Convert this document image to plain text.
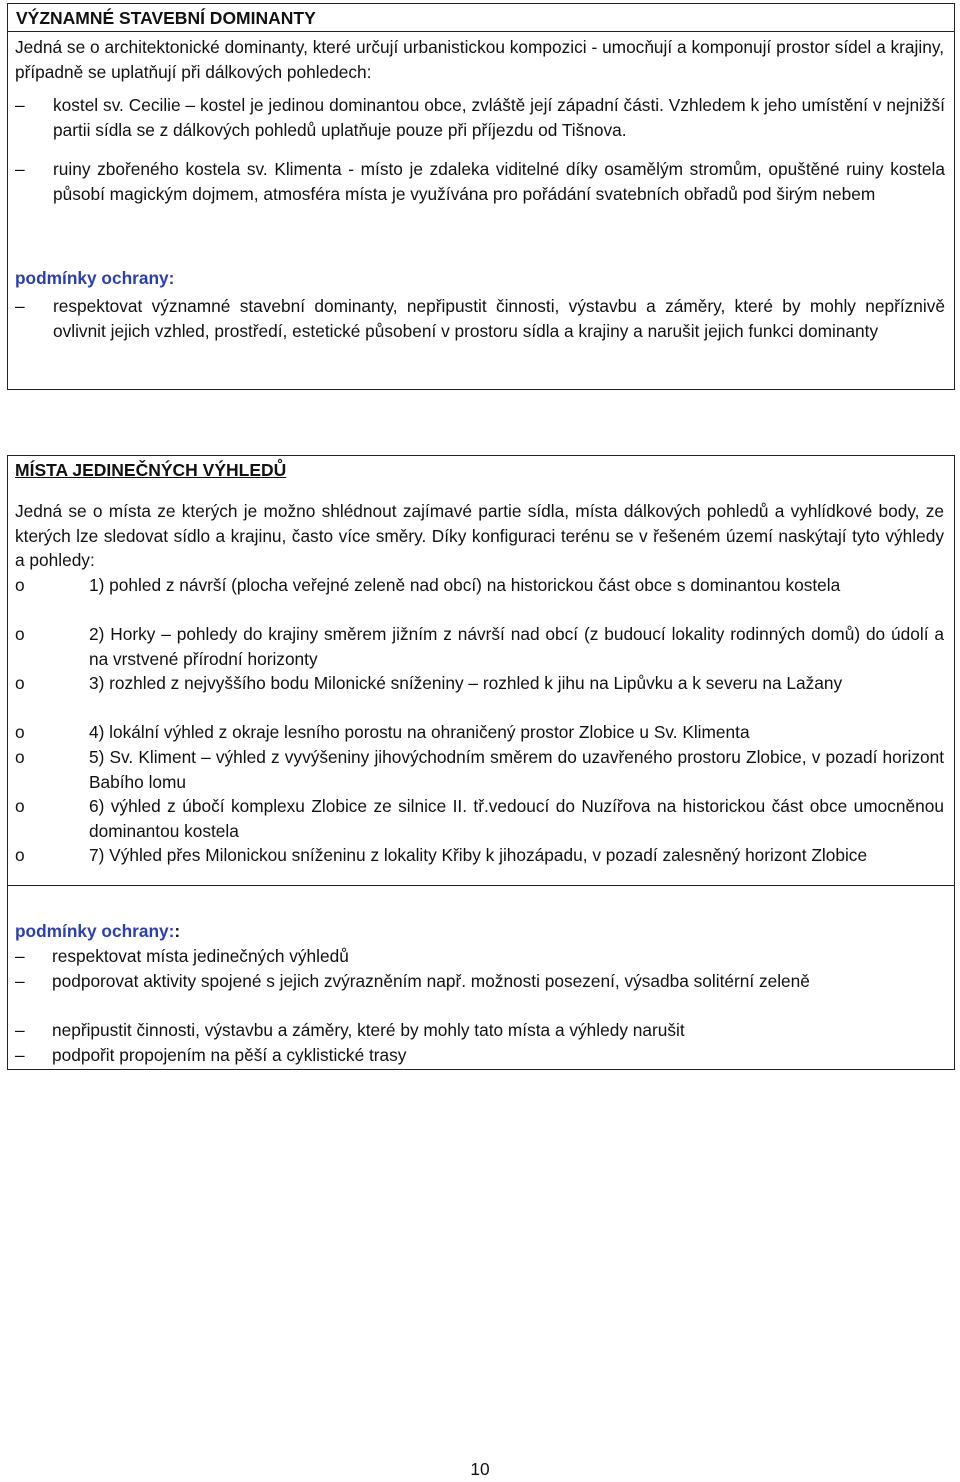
VÝZNAMNÉ STAVEBNÍ DOMINANTY

Jedná se o architektonické dominanty, které určují urbanistickou kompozici - umocňují a komponují prostor sídel a krajiny, případně se uplatňují při dálkových pohledech:

–	kostel sv. Cecilie – kostel je jedinou dominantou obce, zvláště její západní části. Vzhledem k jeho umístění v nejnižší partii sídla se z dálkových pohledů uplatňuje pouze při příjezdu od Tišnova.
–	ruiny zbořeného kostela sv. Klimenta - místo je zdaleka viditelné díky osamělým stromům, opuštěné ruiny kostela působí magickým dojmem, atmosféra místa je využívána pro pořádání svatebních obřadů pod širým nebem

podmínky ochrany:

–	respektovat významné stavební dominanty, nepřipustit činnosti, výstavbu a záměry, které by mohly nepříznivě ovlivnit jejich vzhled, prostředí, estetické působení v prostoru sídla a krajiny a narušit jejich funkci dominanty
MÍSTA JEDINEČNÝCH VÝHLEDŮ

Jedná se o místa ze kterých je možno shlédnout zajímavé partie sídla, místa dálkových pohledů a vyhlídkové body, ze kterých lze sledovat sídlo a krajinu, často více směry. Díky konfiguraci terénu se v řešeném území naskýtají tyto výhledy a pohledy:

o	1) pohled z návrší (plocha veřejné zeleně nad obcí) na historickou část obce s dominantou kostela
o	2) Horky – pohledy do krajiny směrem jižním z návrší nad obcí (z budoucí lokality rodinných domů) do údolí a na vrstvené přírodní horizonty
o	3) rozhled z nejvyššího bodu Milonické sníženiny – rozhled k jihu na Lipůvku a k severu na Lažany
o	4) lokální výhled z okraje lesního porostu na ohraničený prostor Zlobice u Sv. Klimenta
o	5) Sv. Kliment – výhled z vyvýšeniny jihovýchodním směrem do uzavřeného prostoru Zlobice, v pozadí horizont Babího lomu
o	6) výhled z úbočí komplexu Zlobice ze silnice II. tř.vedoucí do Nuzířova na historickou část obce umocněnou dominantou kostela
o	7) Výhled přes Milonickou sníženinu z lokality Křiby k jihozápadu, v pozadí zalesněný horizont Zlobice

podmínky ochrany::

–	respektovat místa jedinečných výhledů
–	podporovat aktivity spojené s jejich zvýrazněním např. možnosti posezení, výsadba solitérní zeleně
–	nepřipustit činnosti, výstavbu a záměry, které by mohly tato místa a výhledy narušit
–	podpořit propojením na pěší a cyklistické trasy

10
